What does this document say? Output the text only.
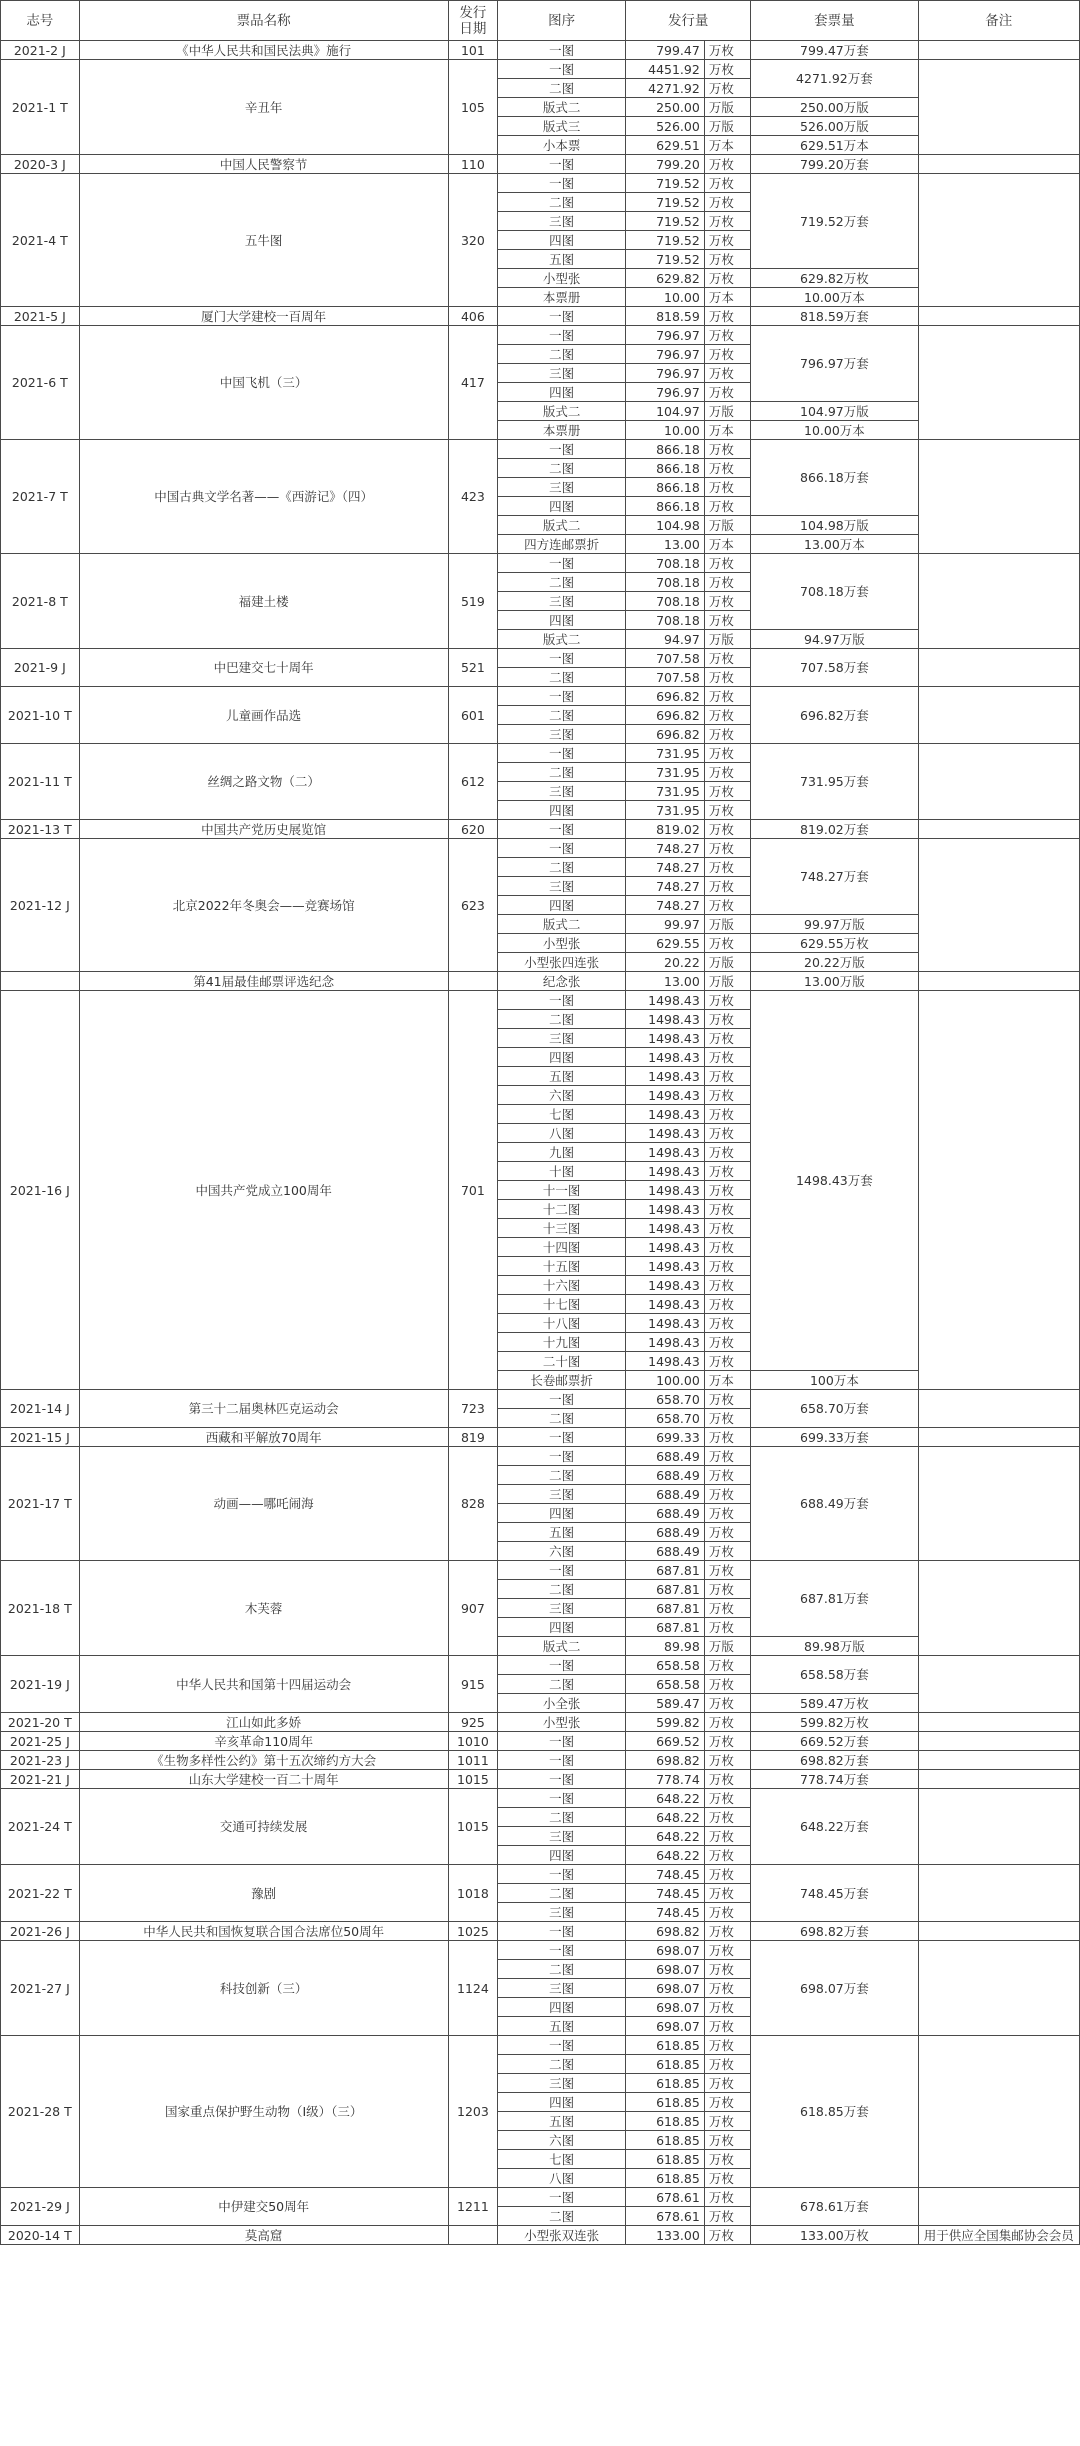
志号	票品名称	发行日期	图序	发行量		套票量	备注
2021-2 J	《中华人民共和国民法典》施行	101	一图	799.47	万枚	799.47万套	
2021-1 T	辛丑年	105	一图	4451.92	万枚	4271.92万套	
			二图	4271.92	万枚		
			版式二	250.00	万版	250.00万版	
			版式三	526.00	万版	526.00万版	
			小本票	629.51	万本	629.51万本	
2020-3 J	中国人民警察节	110	一图	799.20	万枚	799.20万套	
2021-4 T	五牛图	320	一图	719.52	万枚	719.52万套	
			二图	719.52	万枚		
			三图	719.52	万枚		
			四图	719.52	万枚		
			五图	719.52	万枚		
			小型张	629.82	万枚	629.82万枚	
			本票册	10.00	万本	10.00万本	
2021-5 J	厦门大学建校一百周年	406	一图	818.59	万枚	818.59万套	
2021-6 T	中国飞机（三）	417	一图	796.97	万枚	796.97万套	
			二图	796.97	万枚		
			三图	796.97	万枚		
			四图	796.97	万枚		
			版式二	104.97	万版	104.97万版	
			本票册	10.00	万本	10.00万本	
2021-7 T	中国古典文学名著——《西游记》（四）	423	一图	866.18	万枚	866.18万套	
			二图	866.18	万枚		
			三图	866.18	万枚		
			四图	866.18	万枚		
			版式二	104.98	万版	104.98万版	
			四方连邮票折	13.00	万本	13.00万本	
2021-8 T	福建土楼	519	一图	708.18	万枚	708.18万套	
			二图	708.18	万枚		
			三图	708.18	万枚		
			四图	708.18	万枚		
			版式二	94.97	万版	94.97万版	
2021-9 J	中巴建交七十周年	521	一图	707.58	万枚	707.58万套	
			二图	707.58	万枚		
2021-10 T	儿童画作品选	601	一图	696.82	万枚	696.82万套	
			二图	696.82	万枚		
			三图	696.82	万枚		
2021-11 T	丝绸之路文物（二）	612	一图	731.95	万枚	731.95万套	
			二图	731.95	万枚		
			三图	731.95	万枚		
			四图	731.95	万枚		
2021-13 T	中国共产党历史展览馆	620	一图	819.02	万枚	819.02万套	
2021-12 J	北京2022年冬奥会——竞赛场馆	623	一图	748.27	万枚	748.27万套	
			二图	748.27	万枚		
			三图	748.27	万枚		
			四图	748.27	万枚		
			版式二	99.97	万版	99.97万版	
			小型张	629.55	万枚	629.55万枚	
			小型张四连张	20.22	万版	20.22万版	
	第41届最佳邮票评选纪念		纪念张	13.00	万版	13.00万版	
2021-16 J	中国共产党成立100周年	701	一图	1498.43	万枚	1498.43万套	
			二图	1498.43	万枚		
			三图	1498.43	万枚		
			四图	1498.43	万枚		
			五图	1498.43	万枚		
			六图	1498.43	万枚		
			七图	1498.43	万枚		
			八图	1498.43	万枚		
			九图	1498.43	万枚		
			十图	1498.43	万枚		
			十一图	1498.43	万枚		
			十二图	1498.43	万枚		
			十三图	1498.43	万枚		
			十四图	1498.43	万枚		
			十五图	1498.43	万枚		
			十六图	1498.43	万枚		
			十七图	1498.43	万枚		
			十八图	1498.43	万枚		
			十九图	1498.43	万枚		
			二十图	1498.43	万枚		
			长卷邮票折	100.00	万本	100万本	
2021-14 J	第三十二届奥林匹克运动会	723	一图	658.70	万枚	658.70万套	
			二图	658.70	万枚		
2021-15 J	西藏和平解放70周年	819	一图	699.33	万枚	699.33万套	
2021-17 T	动画——哪吒闹海	828	一图	688.49	万枚	688.49万套	
			二图	688.49	万枚		
			三图	688.49	万枚		
			四图	688.49	万枚		
			五图	688.49	万枚		
			六图	688.49	万枚		
2021-18 T	木芙蓉	907	一图	687.81	万枚	687.81万套	
			二图	687.81	万枚		
			三图	687.81	万枚		
			四图	687.81	万枚		
			版式二	89.98	万版	89.98万版	
2021-19 J	中华人民共和国第十四届运动会	915	一图	658.58	万枚	658.58万套	
			二图	658.58	万枚		
			小全张	589.47	万枚	589.47万枚	
2021-20 T	江山如此多娇	925	小型张	599.82	万枚	599.82万枚	
2021-25 J	辛亥革命110周年	1010	一图	669.52	万枚	669.52万套	
2021-23 J	《生物多样性公约》第十五次缔约方大会	1011	一图	698.82	万枚	698.82万套	
2021-21 J	山东大学建校一百二十周年	1015	一图	778.74	万枚	778.74万套	
2021-24 T	交通可持续发展	1015	一图	648.22	万枚	648.22万套	
			二图	648.22	万枚		
			三图	648.22	万枚		
			四图	648.22	万枚		
2021-22 T	豫剧	1018	一图	748.45	万枚	748.45万套	
			二图	748.45	万枚		
			三图	748.45	万枚		
2021-26 J	中华人民共和国恢复联合国合法席位50周年	1025	一图	698.82	万枚	698.82万套	
2021-27 J	科技创新（三）	1124	一图	698.07	万枚	698.07万套	
			二图	698.07	万枚		
			三图	698.07	万枚		
			四图	698.07	万枚		
			五图	698.07	万枚		
2021-28 T	国家重点保护野生动物（I级）（三）	1203	一图	618.85	万枚	618.85万套	
			二图	618.85	万枚		
			三图	618.85	万枚		
			四图	618.85	万枚		
			五图	618.85	万枚		
			六图	618.85	万枚		
			七图	618.85	万枚		
			八图	618.85	万枚		
2021-29 J	中伊建交50周年	1211	一图	678.61	万枚	678.61万套	
			二图	678.61	万枚		
2020-14 T	莫高窟		小型张双连张	133.00	万枚	133.00万枚	用于供应全国集邮协会会员
